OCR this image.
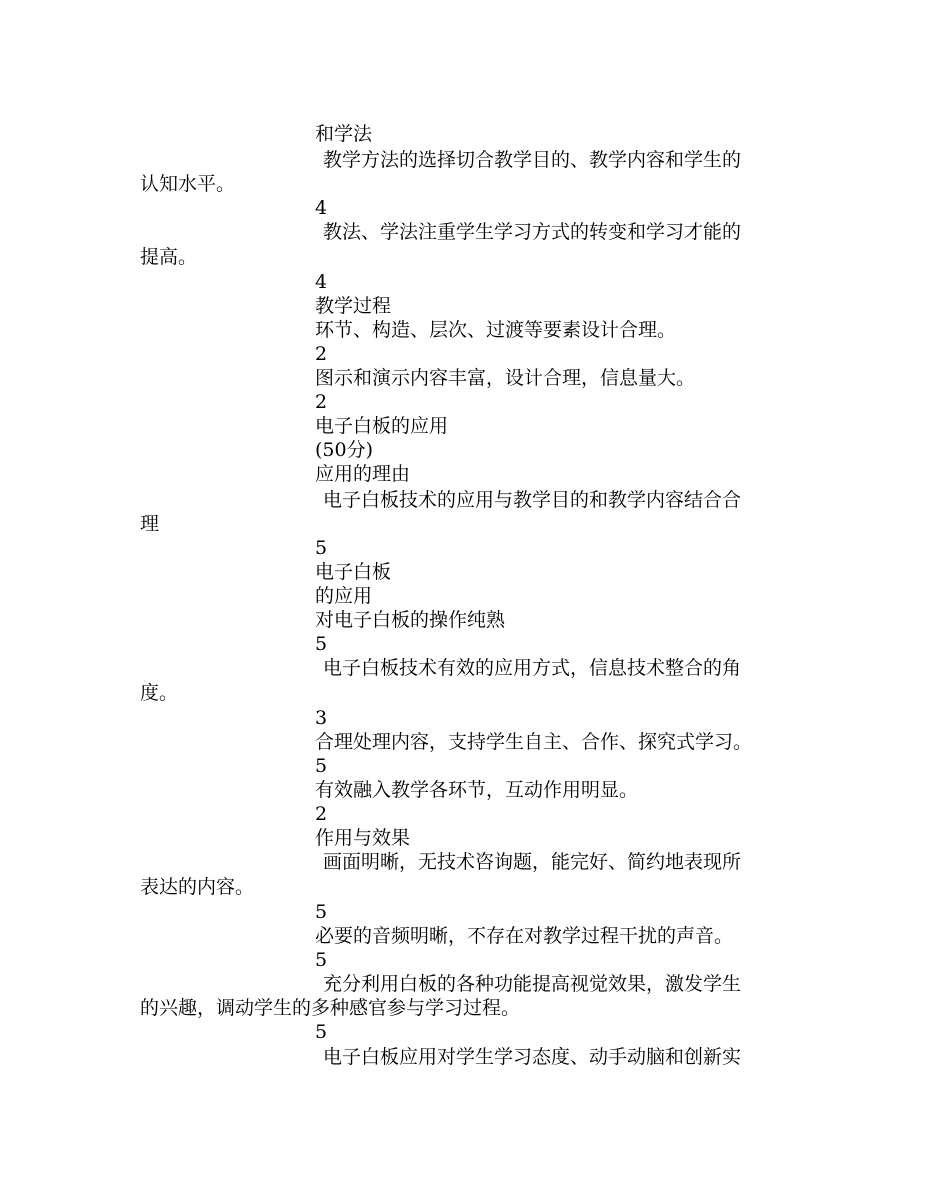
和学法
教学方法的选择切合教学目的、教学内容和学生的
认知水平。
4
教法、学法注重学生学习方式的转变和学习才能的
提高。
4
教学过程
环节、构造、层次、过渡等要素设计合理。
2
图示和演示内容丰富，设计合理，信息量大。
2
电子白板的应用
(50分)
应用的理由
电子白板技术的应用与教学目的和教学内容结合合
理
5
电子白板
的应用
对电子白板的操作纯熟
5
电子白板技术有效的应用方式，信息技术整合的角
度。
3
合理处理内容，支持学生自主、合作、探究式学习。
5
有效融入教学各环节，互动作用明显。
2
作用与效果
画面明晰，无技术咨询题，能完好、简约地表现所
表达的内容。
5
必要的音频明晰，不存在对教学过程干扰的声音。
5
充分利用白板的各种功能提高视觉效果，激发学生
的兴趣，调动学生的多种感官参与学习过程。
5
电子白板应用对学生学习态度、动手动脑和创新实
